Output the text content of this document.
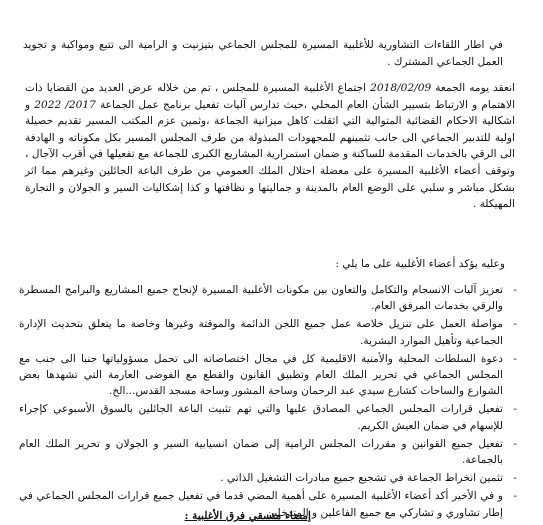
في اطار اللقاءات التشاورية للأغلبية المسيرة للمجلس الجماعي بتيزنيت و الرامية الى تتبع ومواكبة و تجويد العمل الجماعي المشترك .

انعقد يومه الجمعة 2018/02/09 اجتماع الأغلبية المسيرة للمجلس ، تم من خلاله عرض العديد من القضايا ذات الاهتمام و الارتباط بتسيير الشأن العام المحلي ،حيث تدارس آليات تفعيل برنامج عمل الجماعة 2017/ 2022 و اشكالية الاحكام القضائية المتوالية التي اثقلت كاهل ميزانية الجماعة ،وثمين عزم المكتب المسير تقديم حصيلة اولية للتدبير الجماعي الى جانب تثمينهم للمجهودات المبذولة من طرف المجلس المسير بكل مكوناته و الهادفة الى الرقي بالخدمات المقدمة للساكنة و ضمان استمرارية المشاريع الكبرى للجماعة مع تفعيلها في أقرب الآجال ، وتوقف أعضاء الأغلبية المسيرة على معضلة احتلال الملك العمومي من طرف الباعة الجائلين وغيرهم مما اثر بشكل مباشر و سلبي على الوضع العام بالمدينة و جماليتها و نظافتها و كذا إشكاليات السير و الجولان و التجارة المهيكلة .

وعليه يؤكد أعضاء الأغلبية على ما يلي :

- تعزيز آليات الانسجام والتكامل والتعاون بين مكونات الأغلبية المسيرة لإنجاح جميع المشاريع والبرامج المسطرة والرقي بخدمات المرفق العام.
- مواصلة العمل على تنزيل خلاصة عمل جميع اللجن الدائمة والموقتة وغيرها وخاصة ما يتعلق بتحديث الإدارة الجماعية وتأهيل الموارد البشرية.
- دعوة السلطات المحلية والأمنية الاقليمية كل في مجال اختصاصاته الى تحمل مسؤولياتها جنبا الى جنب مع المجلس الجماعي في تحرير الملك العام وتطبيق القانون والقطع مع الفوضى العارمة التي تشهدها بعض الشوارع والساحات كشارع سيدي عبد الرحمان وساحة المشور وساحة مسجد القدس...الخ.
- تفعيل قرارات المجلس الجماعي المصادق عليها والتي تهم تثبيت الباعة الجائلين بالسوق الأسبوعي كإجراء للإسهام في ضمان العيش الكريم.
- تفعيل جميع القوانين و مقررات المجلس الرامية إلى ضمان انسيابية السير و الجولان و تحرير الملك العام بالجماعة.
- تثمين انخراط الجماعة في تشجيع جميع مبادرات التشغيل الذاتي .
- و في الأخير أكد أعضاء الأغلبية المسيرة على أهمية المضي قدما في تفعيل جميع قرارات المجلس الجماعي في إطار تشاوري و تشاركي مع جميع الفاعلين و المتدخلين .
إمضاء منسقي فرق الأغلبية :
